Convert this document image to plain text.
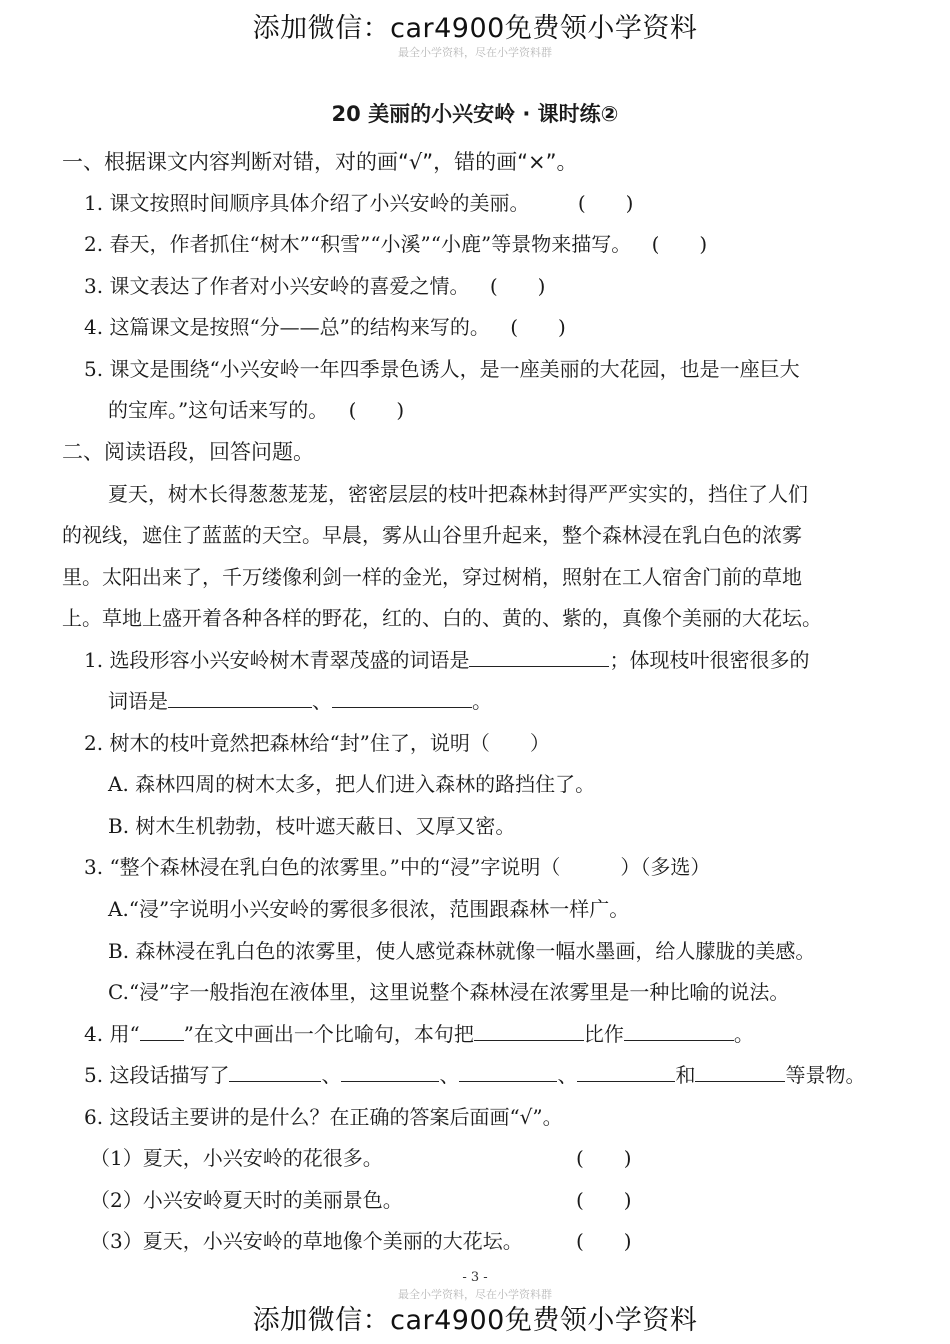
添加微信：car4900免费领小学资料
最全小学资料，尽在小学资料群
20 美丽的小兴安岭 · 课时练②
一、根据课文内容判断对错，对的画“√”，错的画“×”。
1. 课文按照时间顺序具体介绍了小兴安岭的美丽。 (　　)
2. 春天，作者抓住“树木”“积雪”“小溪”“小鹿”等景物来描写。 (　　)
3. 课文表达了作者对小兴安岭的喜爱之情。 (　　)
4. 这篇课文是按照“分——总”的结构来写的。 (　　)
5. 课文是围绕“小兴安岭一年四季景色诱人，是一座美丽的大花园，也是一座巨大
的宝库。”这句话来写的。 (　　)
二、阅读语段，回答问题。
夏天，树木长得葱葱茏茏，密密层层的枝叶把森林封得严严实实的，挡住了人们
的视线，遮住了蓝蓝的天空。早晨，雾从山谷里升起来，整个森林浸在乳白色的浓雾
里。太阳出来了，千万缕像利剑一样的金光，穿过树梢，照射在工人宿舍门前的草地
上。草地上盛开着各种各样的野花，红的、白的、黄的、紫的，真像个美丽的大花坛。
1. 选段形容小兴安岭树木青翠茂盛的词语是	；体现枝叶很密很多的
词语是	、	。
2. 树木的枝叶竟然把森林给“封”住了，说明（　　）
A. 森林四周的树木太多，把人们进入森林的路挡住了。
B. 树木生机勃勃，枝叶遮天蔽日、又厚又密。
3. “整个森林浸在乳白色的浓雾里。”中的“浸”字说明（　　　）（多选）
A.“浸”字说明小兴安岭的雾很多很浓，范围跟森林一样广。
B. 森林浸在乳白色的浓雾里，使人感觉森林就像一幅水墨画，给人朦胧的美感。
C.“浸”字一般指泡在液体里，这里说整个森林浸在浓雾里是一种比喻的说法。
4. 用“ ”在文中画出一个比喻句，本句把	比作	。
5. 这段话描写了	、	、	、	和	等景物。
6. 这段话主要讲的是什么？在正确的答案后面画“√”。
（1）夏天，小兴安岭的花很多。	(　　)
（2）小兴安岭夏天时的美丽景色。	(　　)
（3）夏天，小兴安岭的草地像个美丽的大花坛。	(　　)
- 3 -
最全小学资料，尽在小学资料群
添加微信：car4900免费领小学资料
